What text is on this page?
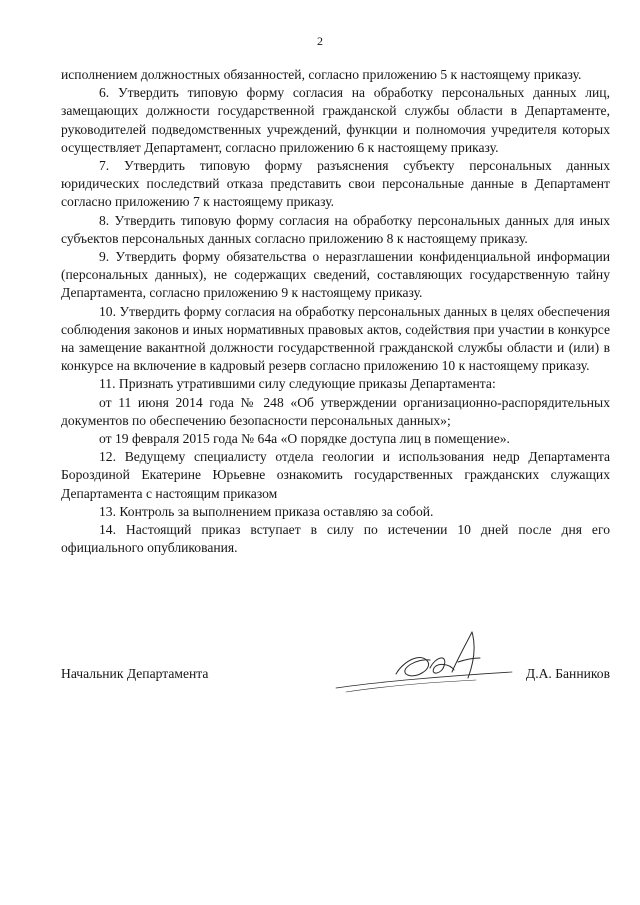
2

исполнением должностных обязанностей, согласно приложению 5 к настоящему приказу.

6. Утвердить типовую форму согласия на обработку персональных данных лиц, замещающих должности государственной гражданской службы области в Департаменте, руководителей подведомственных учреждений, функции и полномочия учредителя которых осуществляет Департамент, согласно приложению 6 к настоящему приказу.

7. Утвердить типовую форму разъяснения субъекту персональных данных юридических последствий отказа представить свои персональные данные в Департамент согласно приложению 7 к настоящему приказу.

8. Утвердить типовую форму согласия на обработку персональных данных для иных субъектов персональных данных согласно приложению 8 к настоящему приказу.

9. Утвердить форму обязательства о неразглашении конфиденциальной информации (персональных данных), не содержащих сведений, составляющих государственную тайну Департамента, согласно приложению 9 к настоящему приказу.

10. Утвердить форму согласия на обработку персональных данных в целях обеспечения соблюдения законов и иных нормативных правовых актов, содействия при участии в конкурсе на замещение вакантной должности государственной гражданской службы области и (или) в конкурсе на включение в кадровый резерв согласно приложению 10 к настоящему приказу.

11. Признать утратившими силу следующие приказы Департамента:

от 11 июня 2014 года № 248 «Об утверждении организационно-распорядительных документов по обеспечению безопасности персональных данных»;

от 19 февраля 2015 года № 64а «О порядке доступа лиц в помещение».

12. Ведущему специалисту отдела геологии и использования недр Департамента Бороздиной Екатерине Юрьевне ознакомить государственных гражданских служащих Департамента с настоящим приказом

13. Контроль за выполнением приказа оставляю за собой.

14. Настоящий приказ вступает в силу по истечении 10 дней после дня его официального опубликования.

Начальник Департамента	Д.А. Банников
